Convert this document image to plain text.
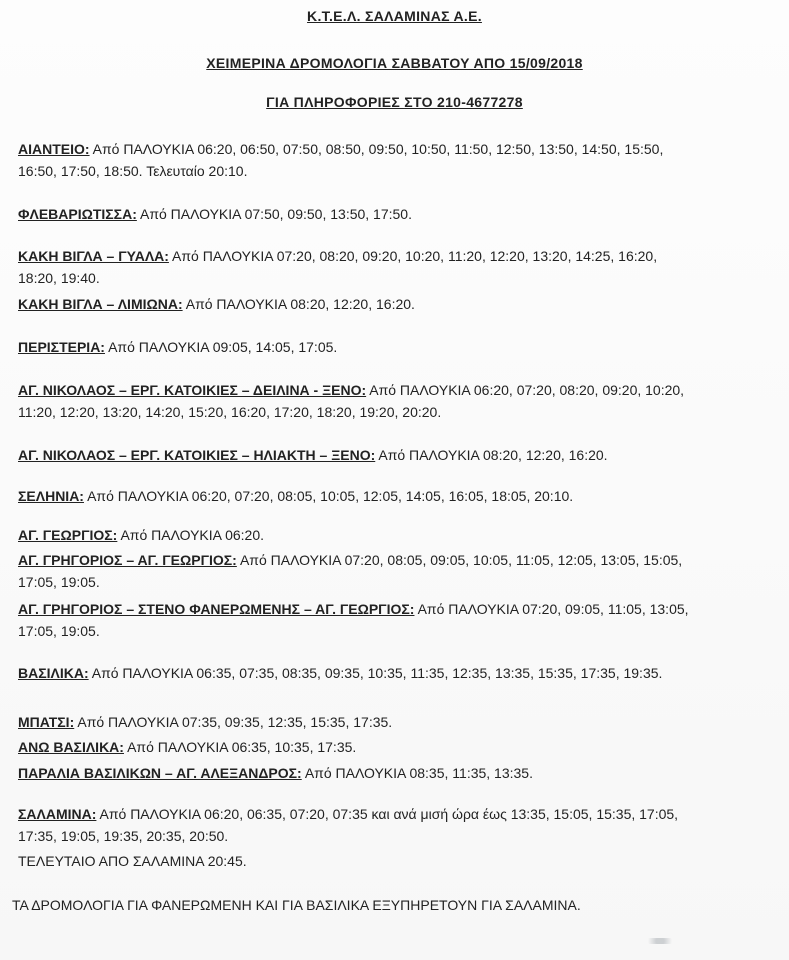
Κ.Τ.Ε.Λ. ΣΑΛΑΜΙΝΑΣ Α.Ε.
ΧΕΙΜΕΡΙΝΑ ΔΡΟΜΟΛΟΓΙΑ ΣΑΒΒΑΤΟΥ ΑΠΟ 15/09/2018
ΓΙΑ ΠΛΗΡΟΦΟΡΙΕΣ ΣΤΟ 210-4677278
ΑΙΑΝΤΕΙΟ: Από ΠΑΛΟΥΚΙΑ 06:20, 06:50, 07:50, 08:50, 09:50, 10:50, 11:50, 12:50, 13:50, 14:50, 15:50, 16:50, 17:50, 18:50. Τελευταίο 20:10.
ΦΛΕΒΑΡΙΩΤΙΣΣΑ: Από ΠΑΛΟΥΚΙΑ 07:50, 09:50, 13:50, 17:50.
ΚΑΚΗ ΒΙΓΛΑ – ΓΥΑΛΑ: Από ΠΑΛΟΥΚΙΑ 07:20, 08:20, 09:20, 10:20, 11:20, 12:20, 13:20, 14:25, 16:20, 18:20, 19:40.
ΚΑΚΗ ΒΙΓΛΑ – ΛΙΜΙΩΝΑ: Από ΠΑΛΟΥΚΙΑ 08:20, 12:20, 16:20.
ΠΕΡΙΣΤΕΡΙΑ: Από ΠΑΛΟΥΚΙΑ 09:05, 14:05, 17:05.
ΑΓ. ΝΙΚΟΛΑΟΣ – ΕΡΓ. ΚΑΤΟΙΚΙΕΣ – ΔΕΙΛΙΝΑ - ΞΕΝΟ: Από ΠΑΛΟΥΚΙΑ 06:20, 07:20, 08:20, 09:20, 10:20, 11:20, 12:20, 13:20, 14:20, 15:20, 16:20, 17:20, 18:20, 19:20, 20:20.
ΑΓ. ΝΙΚΟΛΑΟΣ – ΕΡΓ. ΚΑΤΟΙΚΙΕΣ – ΗΛΙΑΚΤΗ – ΞΕΝΟ: Από ΠΑΛΟΥΚΙΑ 08:20, 12:20, 16:20.
ΣΕΛΗΝΙΑ: Από ΠΑΛΟΥΚΙΑ 06:20, 07:20, 08:05, 10:05, 12:05, 14:05, 16:05, 18:05, 20:10.
ΑΓ. ΓΕΩΡΓΙΟΣ: Από ΠΑΛΟΥΚΙΑ 06:20.
ΑΓ. ΓΡΗΓΟΡΙΟΣ – ΑΓ. ΓΕΩΡΓΙΟΣ: Από ΠΑΛΟΥΚΙΑ 07:20, 08:05, 09:05, 10:05, 11:05, 12:05, 13:05, 15:05, 17:05, 19:05.
ΑΓ. ΓΡΗΓΟΡΙΟΣ – ΣΤΕΝΟ ΦΑΝΕΡΩΜΕΝΗΣ – ΑΓ. ΓΕΩΡΓΙΟΣ: Από ΠΑΛΟΥΚΙΑ 07:20, 09:05, 11:05, 13:05, 17:05, 19:05.
ΒΑΣΙΛΙΚΑ: Από ΠΑΛΟΥΚΙΑ 06:35, 07:35, 08:35, 09:35, 10:35, 11:35, 12:35, 13:35, 15:35, 17:35, 19:35.
ΜΠΑΤΣΙ: Από ΠΑΛΟΥΚΙΑ 07:35, 09:35, 12:35, 15:35, 17:35.
ΑΝΩ ΒΑΣΙΛΙΚΑ: Από ΠΑΛΟΥΚΙΑ 06:35, 10:35, 17:35.
ΠΑΡΑΛΙΑ ΒΑΣΙΛΙΚΩΝ – ΑΓ. ΑΛΕΞΑΝΔΡΟΣ: Από ΠΑΛΟΥΚΙΑ 08:35, 11:35, 13:35.
ΣΑΛΑΜΙΝΑ: Από ΠΑΛΟΥΚΙΑ 06:20, 06:35, 07:20, 07:35 και ανά μισή ώρα έως 13:35, 15:05, 15:35, 17:05, 17:35, 19:05, 19:35, 20:35, 20:50.
ΤΕΛΕΥΤΑΙΟ ΑΠΟ ΣΑΛΑΜΙΝΑ 20:45.
ΤΑ ΔΡΟΜΟΛΟΓΙΑ ΓΙΑ ΦΑΝΕΡΩΜΕΝΗ ΚΑΙ ΓΙΑ ΒΑΣΙΛΙΚΑ ΕΞΥΠΗΡΕΤΟΥΝ ΓΙΑ ΣΑΛΑΜΙΝΑ.
